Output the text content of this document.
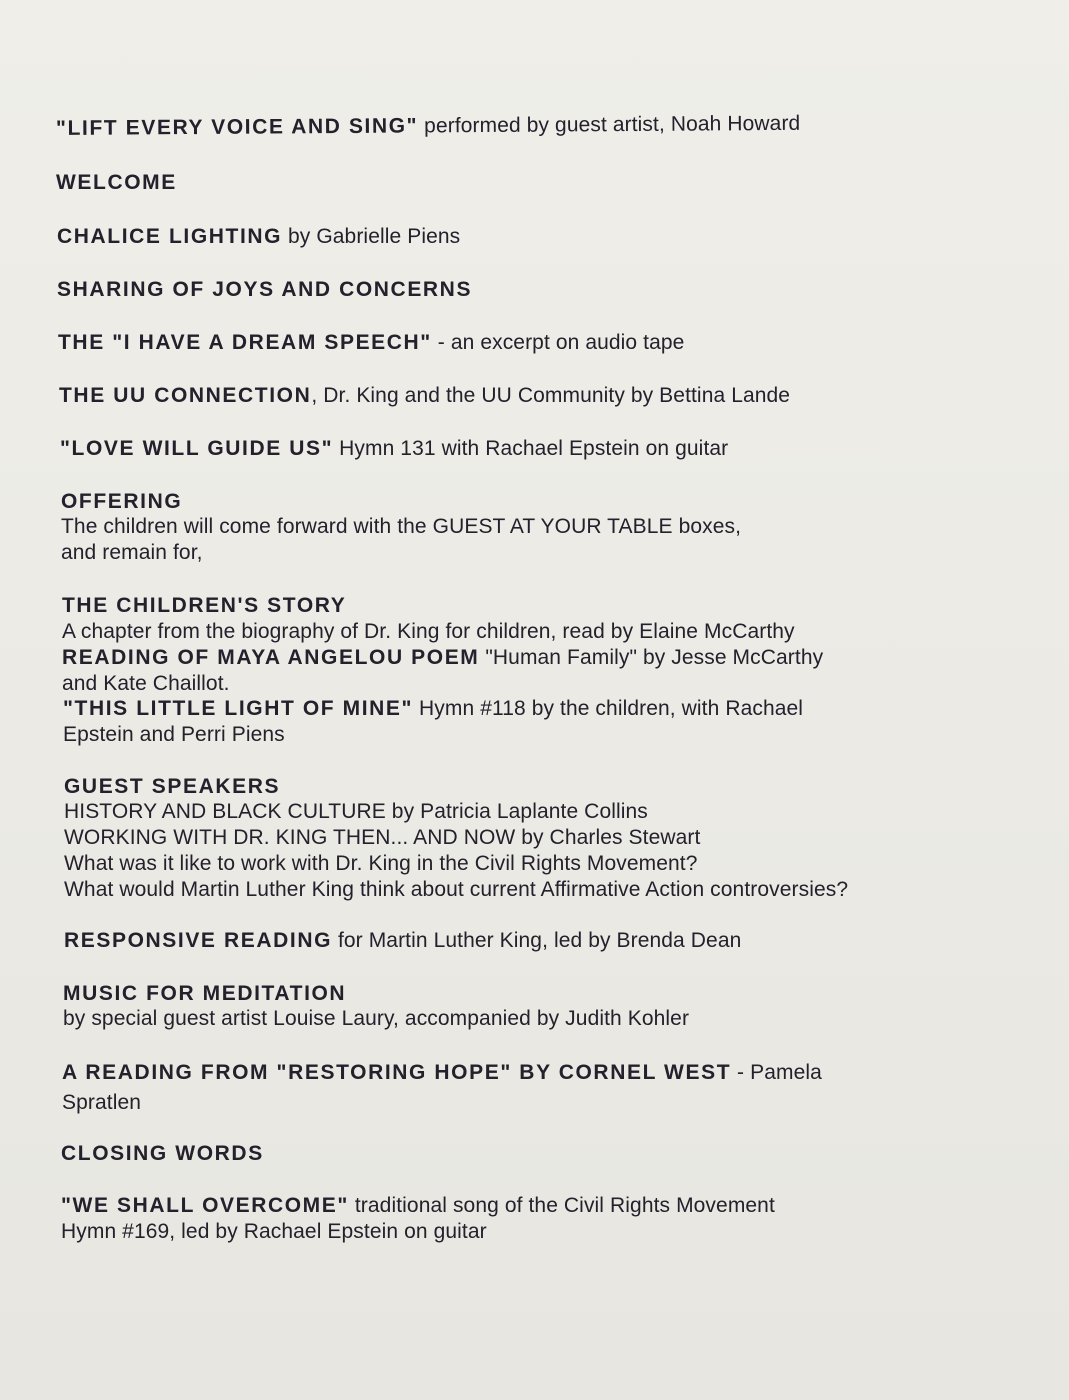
"LIFT EVERY VOICE AND SING" performed by guest artist, Noah Howard
WELCOME
CHALICE LIGHTING by Gabrielle Piens
SHARING OF JOYS AND CONCERNS
THE "I HAVE A DREAM SPEECH" - an excerpt on audio tape
THE UU CONNECTION, Dr. King and the UU Community by Bettina Lande
"LOVE WILL GUIDE US" Hymn 131 with Rachael Epstein on guitar
OFFERING
The children will come forward with the GUEST AT YOUR TABLE boxes,
and remain for,
THE CHILDREN'S STORY
A chapter from the biography of Dr. King for children, read by Elaine McCarthy
READING OF MAYA ANGELOU POEM "Human Family" by Jesse McCarthy
and Kate Chaillot.
"THIS LITTLE LIGHT OF MINE" Hymn #118 by the children, with Rachael
Epstein and Perri Piens
GUEST SPEAKERS
HISTORY AND BLACK CULTURE by Patricia Laplante Collins
WORKING WITH DR. KING THEN... AND NOW by Charles Stewart
What was it like to work with Dr. King in the Civil Rights Movement?
What would Martin Luther King think about current Affirmative Action controversies?
RESPONSIVE READING for Martin Luther King, led by Brenda Dean
MUSIC FOR MEDITATION
by special guest artist Louise Laury, accompanied by Judith Kohler
A READING FROM "RESTORING HOPE" BY CORNEL WEST - Pamela
Spratlen
CLOSING WORDS
"WE SHALL OVERCOME" traditional song of the Civil Rights Movement
Hymn #169, led by Rachael Epstein on guitar
